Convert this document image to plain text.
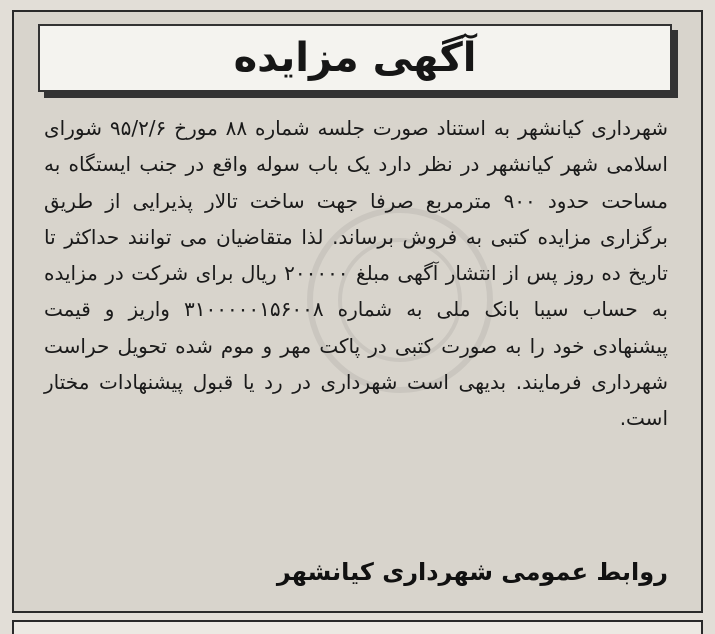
آگهی مزایده
شهرداری کیانشهر به استناد صورت جلسه شماره ۸۸ مورخ ۹۵/۲/۶ شورای اسلامی شهر کیانشهر در نظر دارد یک باب سوله واقع در جنب ایستگاه به مساحت حدود ۹۰۰ مترمربع صرفا جهت ساخت تالار پذیرایی از طریق برگزاری مزایده کتبی به فروش برساند. لذا متقاضیان می توانند حداکثر تا تاریخ ده روز پس از انتشار آگهی مبلغ ۲۰۰۰۰۰ ریال برای شرکت در مزایده به حساب سیبا بانک ملی به شماره ۳۱۰۰۰۰۰۱۵۶۰۰۸ واریز و قیمت پیشنهادی خود را به صورت کتبی در پاکت مهر و موم شده تحویل حراست شهرداری فرمایند. بدیهی است شهرداری در رد یا قبول پیشنهادات مختار است.
روابط عمومی شهرداری کیانشهر
